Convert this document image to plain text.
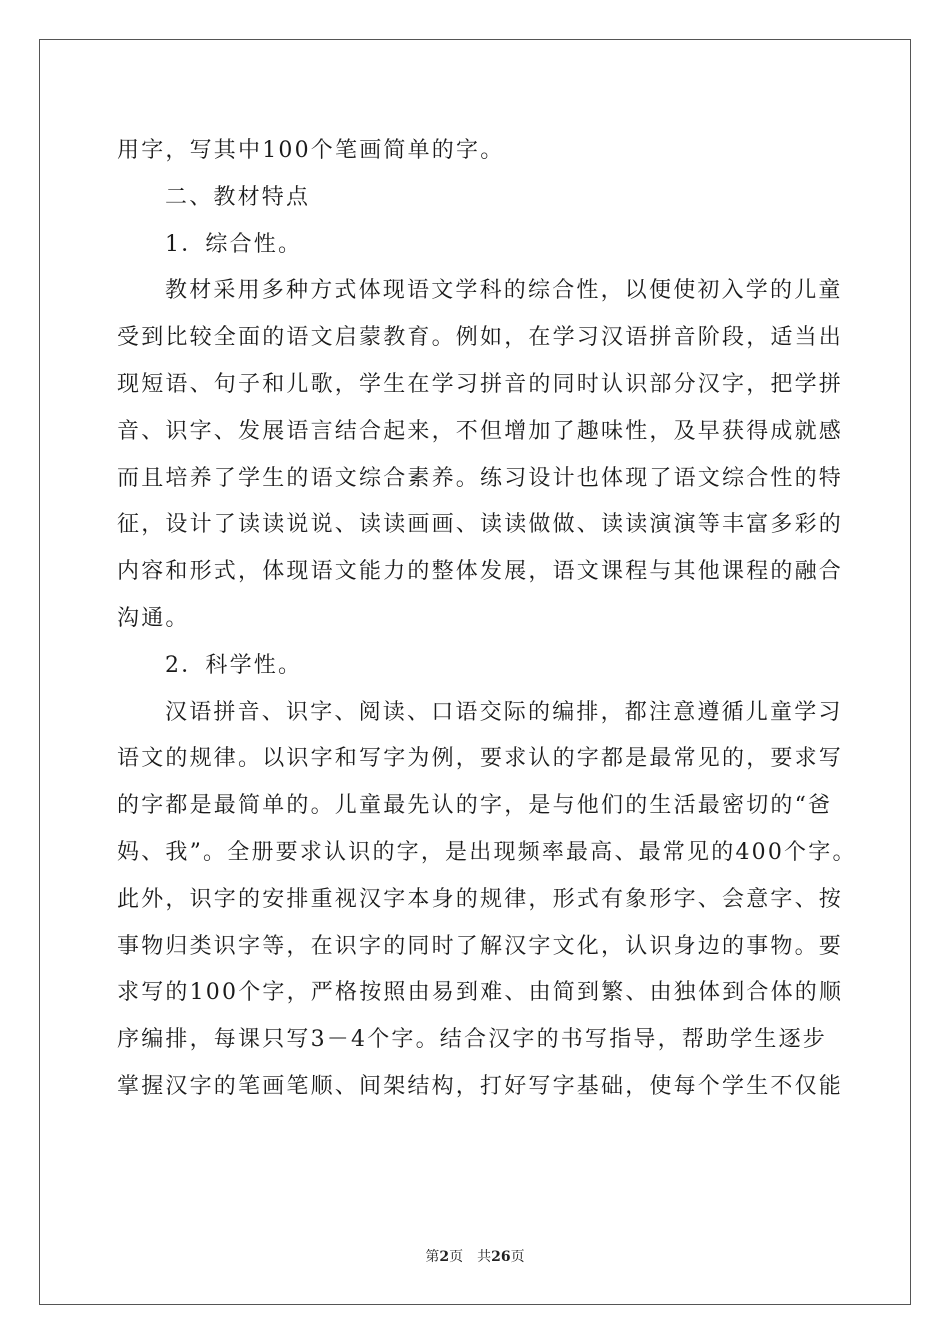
用字，写其中100个笔画简单的字。
二、教材特点
1．综合性。
教材采用多种方式体现语文学科的综合性，以便使初入学的儿童
受到比较全面的语文启蒙教育。例如，在学习汉语拼音阶段，适当出
现短语、句子和儿歌，学生在学习拼音的同时认识部分汉字，把学拼
音、识字、发展语言结合起来，不但增加了趣味性，及早获得成就感
而且培养了学生的语文综合素养。练习设计也体现了语文综合性的特
征，设计了读读说说、读读画画、读读做做、读读演演等丰富多彩的
内容和形式，体现语文能力的整体发展，语文课程与其他课程的融合
沟通。
2．科学性。
汉语拼音、识字、阅读、口语交际的编排，都注意遵循儿童学习
语文的规律。以识字和写字为例，要求认的字都是最常见的，要求写
的字都是最简单的。儿童最先认的字，是与他们的生活最密切的“爸
妈、我”。全册要求认识的字，是出现频率最高、最常见的400个字。
此外，识字的安排重视汉字本身的规律，形式有象形字、会意字、按
事物归类识字等，在识字的同时了解汉字文化，认识身边的事物。要
求写的100个字，严格按照由易到难、由简到繁、由独体到合体的顺
序编排，每课只写3－4个字。结合汉字的书写指导，帮助学生逐步
掌握汉字的笔画笔顺、间架结构，打好写字基础，使每个学生不仅能
第2页 共26页
